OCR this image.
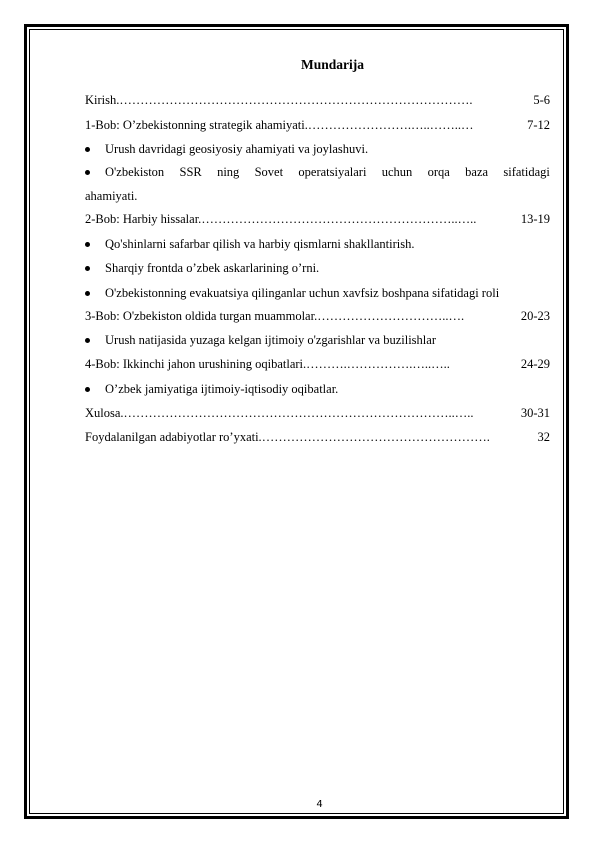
Mundarija
Kirish. ………………………………………………………………………….	5-6
1-Bob: O’zbekistonning strategik ahamiyati. …………………….…..……..…	7-12
Urush davridagi geosiyosiy ahamiyati va joylashuvi.
O'zbekiston SSR ning Sovet operatsiyalari uchun orqa baza sifatidagi
ahamiyati.
2-Bob: Harbiy hissalar. ……………………………………………………..…..	13-19
Qo'shinlarni safarbar qilish va harbiy qismlarni shakllantirish.
Sharqiy frontda o’zbek askarlarining o’rni.
O'zbekistonning evakuatsiya qilinganlar uchun xavfsiz boshpana sifatidagi roli
3-Bob: O'zbekiston oldida turgan muammolar. …………………………..….	20-23
Urush natijasida yuzaga kelgan ijtimoiy o'zgarishlar va buzilishlar
4-Bob: Ikkinchi jahon urushining oqibatlari. ……….…………….…..…..	24-29
O’zbek jamiyatiga ijtimoiy-iqtisodiy oqibatlar.
Xulosa. ……………………………………………………………………..…..	30-31
Foydalanilgan adabiyotlar ro’yxati. ……………………………………………….	32
4
